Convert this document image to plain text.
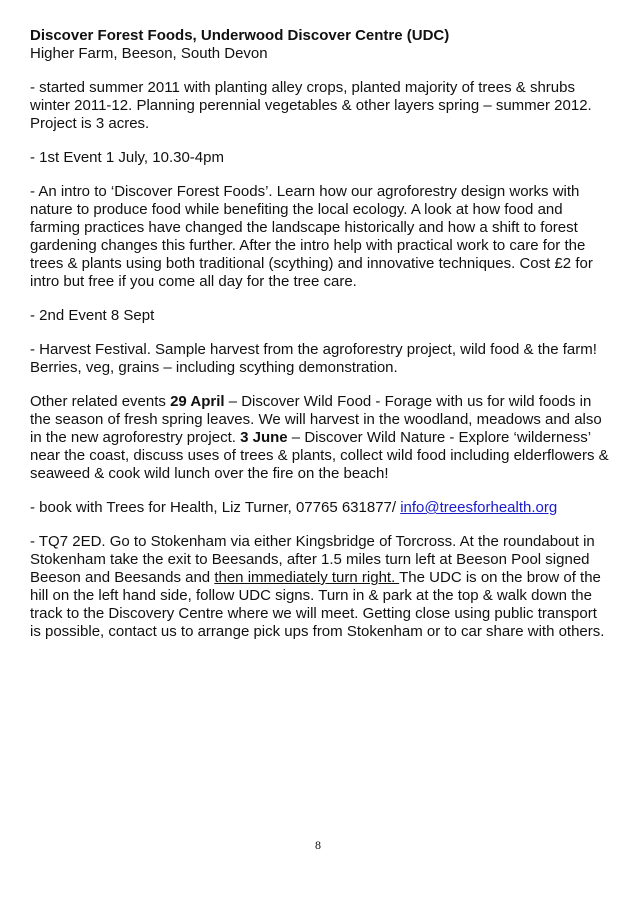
Discover Forest Foods, Underwood Discover Centre (UDC)

Higher Farm, Beeson, South Devon

- started summer 2011 with planting alley crops, planted majority of trees & shrubs winter 2011-12. Planning perennial vegetables & other layers spring – summer 2012. Project is 3 acres.

- 1st Event 1 July, 10.30-4pm

- An intro to ‘Discover Forest Foods’. Learn how our agroforestry design works with nature to produce food while benefiting the local ecology. A look at how food and farming practices have changed the landscape historically and how a shift to forest gardening changes this further. After the intro help with practical work to care for the trees & plants using both traditional (scything) and innovative techniques. Cost £2 for intro but free if you come all day for the tree care.

- 2nd Event 8 Sept

- Harvest Festival. Sample harvest from the agroforestry project, wild food & the farm! Berries, veg, grains – including scything demonstration.

Other related events 29 April – Discover Wild Food - Forage with us for wild foods in the season of fresh spring leaves. We will harvest in the woodland, meadows and also in the new agroforestry project. 3 June – Discover Wild Nature - Explore ‘wilderness’ near the coast, discuss uses of trees & plants, collect wild food including elderflowers & seaweed & cook wild lunch over the fire on the beach!

- book with Trees for Health, Liz Turner, 07765 631877/ info@treesforhealth.org

- TQ7 2ED. Go to Stokenham via either Kingsbridge of Torcross. At the roundabout in Stokenham take the exit to Beesands, after 1.5 miles turn left at Beeson Pool signed Beeson and Beesands and then immediately turn right. The UDC is on the brow of the hill on the left hand side, follow UDC signs. Turn in & park at the top & walk down the track to the Discovery Centre where we will meet. Getting close using public transport is possible, contact us to arrange pick ups from Stokenham or to car share with others.

8
